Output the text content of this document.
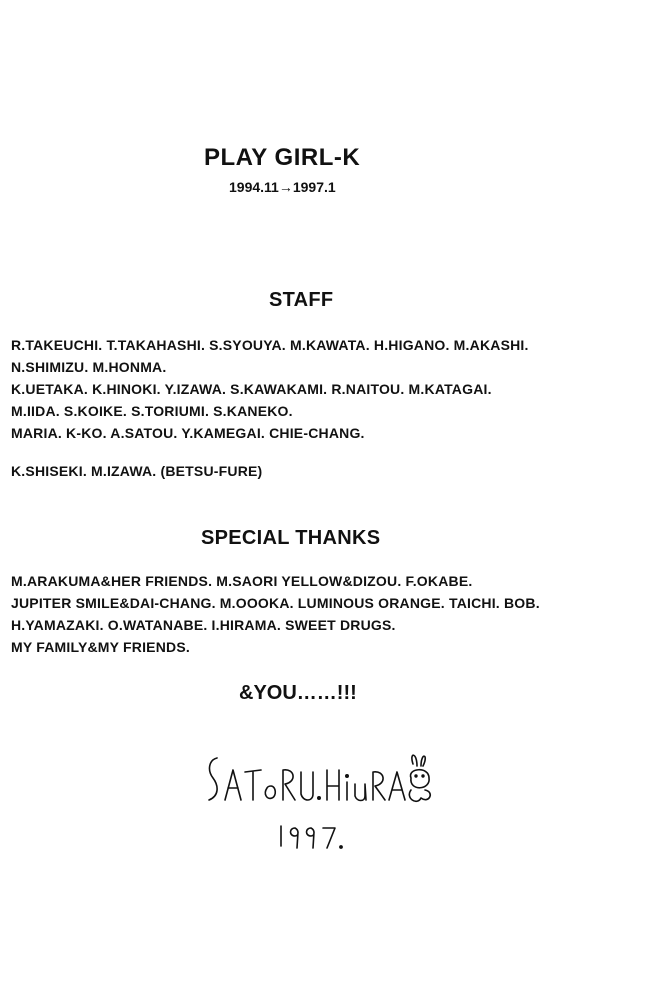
PLAY GIRL-K
1994.11→1997.1
STAFF
R.TAKEUCHI. T.TAKAHASHI. S.SYOUYA. M.KAWATA. H.HIGANO. M.AKASHI.
N.SHIMIZU. M.HONMA.
K.UETAKA. K.HINOKI. Y.IZAWA. S.KAWAKAMI. R.NAITOU. M.KATAGAI.
M.IIDA. S.KOIKE. S.TORIUMI. S.KANEKO.
MARIA. K-KO. A.SATOU. Y.KAMEGAI. CHIE-CHANG.
K.SHISEKI. M.IZAWA. (BETSU-FURE)
SPECIAL THANKS
M.ARAKUMA&HER FRIENDS. M.SAORI YELLOW&DIZOU. F.OKABE.
JUPITER SMILE&DAI-CHANG. M.OOOKA. LUMINOUS ORANGE. TAICHI. BOB.
H.YAMAZAKI. O.WATANABE. I.HIRAMA. SWEET DRUGS.
MY FAMILY&MY FRIENDS.
&YOU……!!!
